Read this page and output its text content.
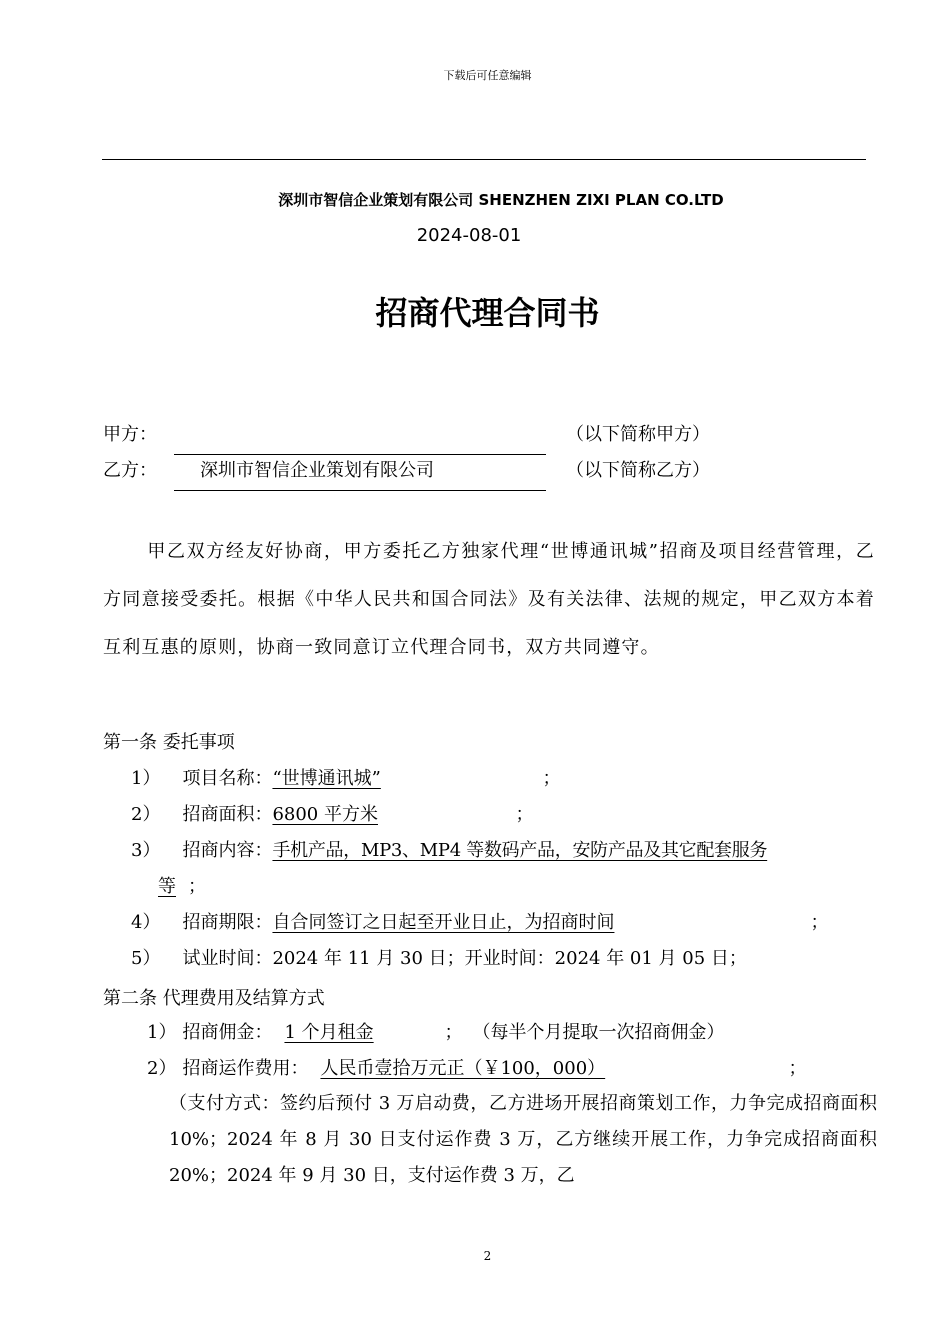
下载后可任意编辑
深圳市智信企业策划有限公司 SHENZHEN ZIXI PLAN CO.LTD
2024-08-01
招商代理合同书
甲方：	（以下简称甲方）
乙方： 深圳市智信企业策划有限公司	（以下简称乙方）
甲乙双方经友好协商，甲方委托乙方独家代理“世博通讯城”招商及项目经营管理，乙方同意接受委托。根据《中华人民共和国合同法》及有关法律、法规的规定，甲乙双方本着互利互惠的原则，协商一致同意订立代理合同书，双方共同遵守。
第一条 委托事项
1） 项目名称：“世博通讯城”	；
2） 招商面积：6800 平方米	；
3） 招商内容：手机产品，MP3、MP4 等数码产品，安防产品及其它配套服务
等 ；
4） 招商期限：自合同签订之日起至开业日止，为招商时间	；
5） 试业时间：2024 年 11 月 30 日；开业时间：2024 年 01 月 05 日；
第二条 代理费用及结算方式
1） 招商佣金： 1 个月租金	； （每半个月提取一次招商佣金）
2） 招商运作费用： 人民币壹拾万元正（￥100，000）	；
（支付方式：签约后预付 3 万启动费，乙方进场开展招商策划工作，力争完成招商面积 10%；2024 年 8 月 30 日支付运作费 3 万，乙方继续开展工作，力争完成招商面积 20%；2024 年 9 月 30 日，支付运作费 3 万，乙
2
